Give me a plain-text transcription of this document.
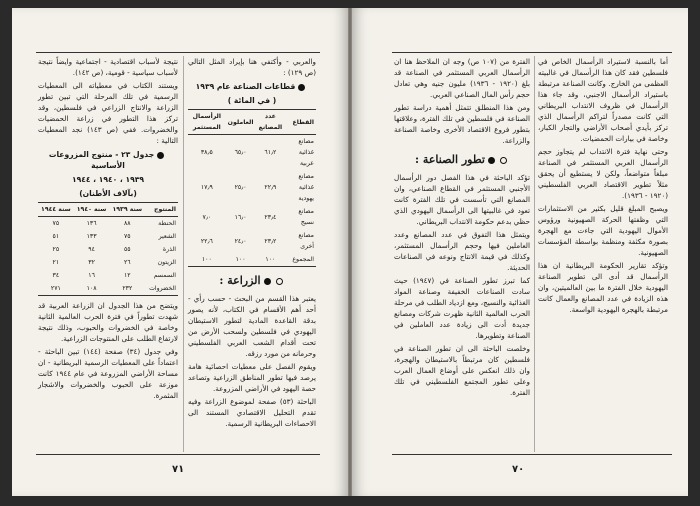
والعربي - وأكتفي هنا بإيراد المثل التالي (ص ١٢٩) :

قطاعات الصناعة عام ١٩٣٩
( في المائة )
القطاع	عدد المصانع	العاملون	الرأسمال المستثمر
مصانع غذائية عربية	٦١٫٢	٦٥٫٠	٣٨٫٥
مصانع غذائية يهودية	٢٢٫٩	٢٥٫٠	١٧٫٩
مصانع نسيج	٢٣٫٤	١٦٫٠	٧٫٠
مصانع أخرى	٢٣٫٢	٢٤٫٠	٢٢٫٦
المجموع	١٠٠	١٠٠	١٠٠
الزراعة :

يعتبر هذا القسم من البحث - حسب رأي - أحد أهم الأقسام في الكتاب، لأنه يصور بدقة القاعدة المادية لتطور الاستيطان اليهودي في فلسطين ولسحب الأرض من تحت أقدام الشعب العربي الفلسطيني وحرمانه من مورد رزقه.

ويقوم الفصل على معطيات احصائية هامة يرصد فيها تطور المناطق الزراعية وتصاعد حصة اليهود في الأراضي المزروعة.

الباحثة (٥٣) صفحة لموضوع الزراعة وفيه تقدم التحليل الاقتصادي المستند الى الاحصاءات البريطانية الرسمية.

نتيجة لأسباب اقتصادية - اجتماعية وايضاً نتيجة لأسباب سياسية - قومية، (ص ١٤٢).

ويستند الكتاب في معطياته الى المعطيات الرسمية في تلك المرحلة التي تبين تطور الزراعة والانتاج الزراعي في فلسطين، وقد تركز هذا التطور في زراعة الحمضيات والخضروات. ففي (ص ١٤٣) نجد المعطيات التالية :

جدول ٢٣ - منتوج المزروعات الأساسية
١٩٣٩ ، ١٩٤٠ ، ١٩٤٤
(بآلاف الأطنان)
المنتوج	سنة ١٩٣٩	سنة ١٩٤٠	سنة ١٩٤٤
الحنطة	٨٨	١٣٦	٧٥
الشعير	٧٥	١٣٣	٥١
الذرة	٥٥	٩٤	٢٥
الزيتون	٢٦	٣٢	٢١
السمسم	١٢	١٦	٣٤
الخضروات	٢٣٢	١٠٨	٢٧١

ويتضح من هذا الجدول ان الزراعة العربية قد شهدت تطوراً في فترة الحرب العالمية الثانية وخاصة في الخضروات والحبوب، وذلك نتيجة لارتفاع الطلب على المنتوجات الزراعية.

وفي جدول (٣٤) صفحة (١٤٤) تبين الباحثة - اعتماداً على المعطيات الرسمية البريطانية - ان مساحة الأراضي المزروعة في عام ١٩٤٤ كانت موزعة على الحبوب والخضروات والاشجار المثمرة.

٧١

أما بالنسبة لاستيراد الرأسمال الخاص في فلسطين فقد كان هذا الرأسمال في غالبيته العظمى من الخارج. وكانت الصناعة مرتبطة باستيراد الرأسمال الاجنبي، وقد جاء هذا الرأسمال في ظروف الانتداب البريطاني التي كانت مصدراً لتراكم الرأسمال الذي تركز بأيدي أصحاب الأراضي والتجار الكبار، وخاصة في بيارات الحمضيات.

وحتى نهاية فترة الانتداب لم يتجاوز حجم الرأسمال العربي المستثمر في الصناعة مبلغاً متواضعاً، ولكن لا يستطيع أن يحقق مثلاً تطوير الاقتصاد العربي الفلسطيني (١٩٢٠ - ١٩٣٦).

ويصبح المبلغ قليل بكثير من الاستثمارات التي وظفتها الحركة الصهيونية ورؤوس الأموال اليهودية التي جاءت مع الهجرة بصورة مكثفة ومنظمة بواسطة المؤسسات الصهيونية.

وتؤكد تقارير الحكومة البريطانية ان هذا الرأسمال قد أدى الى تطوير الصناعة اليهودية خلال الفترة ما بين العالميتين، وان هذه الزيادة في عدد المصانع والعمال كانت مرتبطة بالهجرة اليهودية الواسعة.

الفترة من (١٠٧ ص) وجه ان الملاحظ هنا ان الرأسمال العربي المستثمر في الصناعة قد بلغ (١٩٢٠ - ١٩٣٦) مليون جنيه وهي تعادل حجم رأس المال الصناعي العربي.

ومن هذا المنطلق تتمثل أهمية دراسة تطور الصناعة في فلسطين في تلك الفترة، وعلاقتها بتطور فروع الاقتصاد الأخرى وخاصة الصناعة والزراعة.

تطور الصناعة :

تؤكد الباحثة في هذا الفصل دور الرأسمال الأجنبي المستثمر في القطاع الصناعي، وان المصانع التي تأسست في تلك الفترة كانت تعود في غالبيتها الى الرأسمال اليهودي الذي حظي بدعم حكومة الانتداب البريطاني.

ويتمثل هذا التفوق في عدد المصانع وعدد العاملين فيها وحجم الرأسمال المستثمر، وكذلك في قيمة الانتاج ونوعه في الصناعات الحديثة.

كما تبرز تطور الصناعة في (١٩٤٧) حيث سادت الصناعات الخفيفة وصناعة المواد الغذائية والنسيج، ومع ازدياد الطلب في مرحلة الحرب العالمية الثانية ظهرت شركات ومصانع جديدة أدت الى زيادة عدد العاملين في الصناعة وتطويرها.

وخلصت الباحثة الى ان تطور الصناعة في فلسطين كان مرتبطاً بالاستيطان والهجرة، وان ذلك انعكس على أوضاع العمال العرب وعلى تطور المجتمع الفلسطيني في تلك الفترة.

٧٠
